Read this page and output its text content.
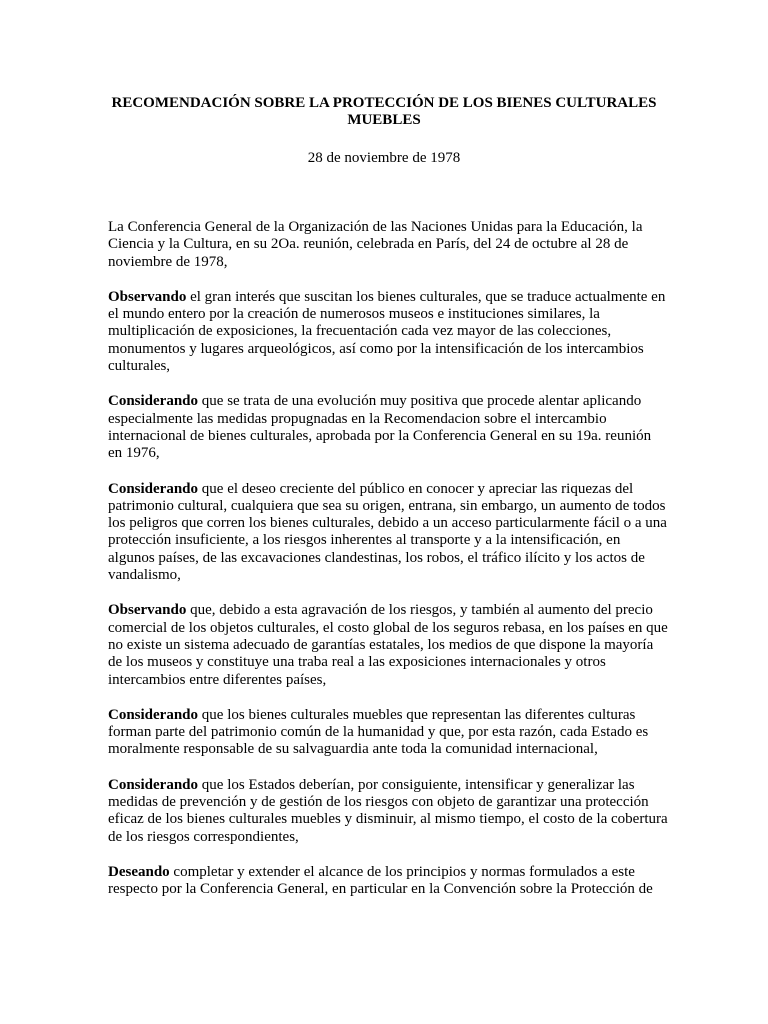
RECOMENDACIÓN SOBRE LA PROTECCIÓN DE LOS BIENES CULTURALES MUEBLES

28 de noviembre de 1978

La Conferencia General de la Organización de las Naciones Unidas para la Educación, la Ciencia y la Cultura, en su 2Oa. reunión, celebrada en París, del 24 de octubre al 28 de noviembre de 1978,

Observando el gran interés que suscitan los bienes culturales, que se traduce actualmente en el mundo entero por la creación de numerosos museos e instituciones similares, la multiplicación de exposiciones, la frecuentación cada vez mayor de las colecciones, monumentos y lugares arqueológicos, así como por la intensificación de los intercambios culturales,

Considerando que se trata de una evolución muy positiva que procede alentar aplicando especialmente las medidas propugnadas en la Recomendacion sobre el intercambio internacional de bienes culturales, aprobada por la Conferencia General en su 19a. reunión en 1976,

Considerando que el deseo creciente del público en conocer y apreciar las riquezas del patrimonio cultural, cualquiera que sea su origen, entrana, sin embargo, un aumento de todos los peligros que corren los bienes culturales, debido a un acceso particularmente fácil o a una protección insuficiente, a los riesgos inherentes al transporte y a la intensificación, en algunos países, de las excavaciones clandestinas, los robos, el tráfico ilícito y los actos de vandalismo,

Observando que, debido a esta agravación de los riesgos, y también al aumento del precio comercial de los objetos culturales, el costo global de los seguros rebasa, en los países en que no existe un sistema adecuado de garantías estatales, los medios de que dispone la mayoría de los museos y constituye una traba real a las exposiciones internacionales y otros intercambios entre diferentes países,

Considerando que los bienes culturales muebles que representan las diferentes culturas forman parte del patrimonio común de la humanidad y que, por esta razón, cada Estado es moralmente responsable de su salvaguardia ante toda la comunidad internacional,

Considerando que los Estados deberían, por consiguiente, intensificar y generalizar las medidas de prevención y de gestión de los riesgos con objeto de garantizar una protección eficaz de los bienes culturales muebles y disminuir, al mismo tiempo, el costo de la cobertura de los riesgos correspondientes,

Deseando completar y extender el alcance de los principios y normas formulados a este respecto por la Conferencia General, en particular en la Convención sobre la Protección de
